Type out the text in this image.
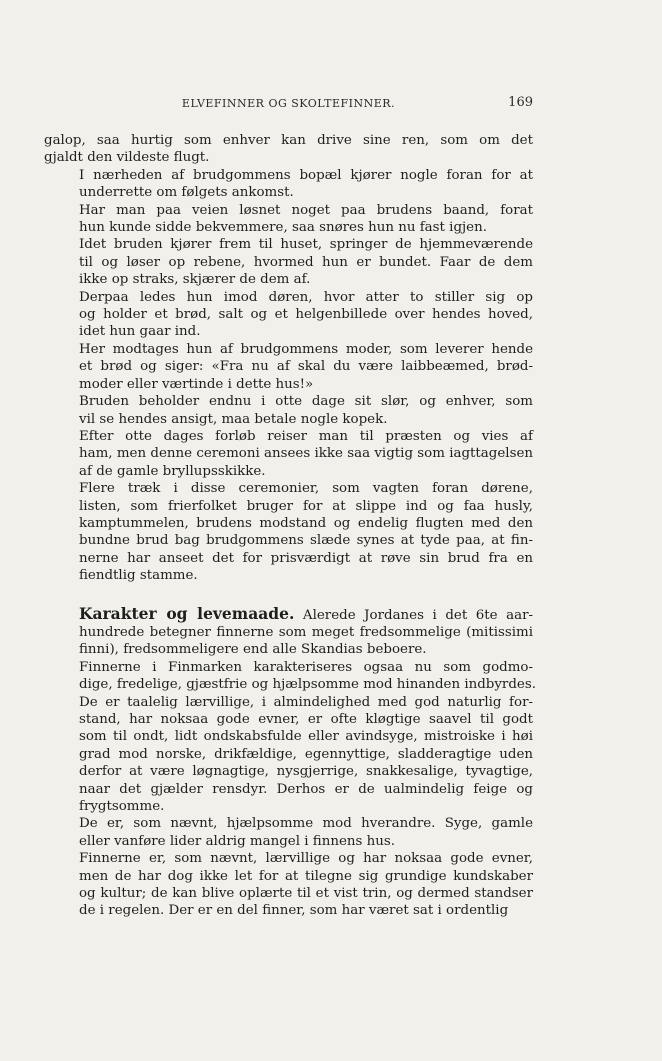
ELVEFINNER OG SKOLTEFINNER.	169

galop, saa hurtig som enhver kan drive sine ren, som om det
gjaldt den vildeste flugt.

I nærheden af brudgommens bopæl kjører nogle foran for at
underrette om følgets ankomst.

Har man paa veien løsnet noget paa brudens baand, forat
hun kunde sidde bekvemmere, saa snøres hun nu fast igjen.

Idet bruden kjører frem til huset, springer de hjemmeværende
til og løser op rebene, hvormed hun er bundet. Faar de dem
ikke op straks, skjærer de dem af.

Derpaa ledes hun imod døren, hvor atter to stiller sig op
og holder et brød, salt og et helgenbillede over hendes hoved,
idet hun gaar ind.

Her modtages hun af brudgommens moder, som leverer hende
et brød og siger: «Fra nu af skal du være laibbeæmed, brød-
moder eller værtinde i dette hus!»

Bruden beholder endnu i otte dage sit slør, og enhver, som
vil se hendes ansigt, maa betale nogle kopek.

Efter otte dages forløb reiser man til præsten og vies af
ham, men denne ceremoni ansees ikke saa vigtig som iagttagelsen
af de gamle bryllupsskikke.

Flere træk i disse ceremonier, som vagten foran dørene,
listen, som frierfolket bruger for at slippe ind og faa husly,
kamptummelen, brudens modstand og endelig flugten med den
bundne brud bag brudgommens slæde synes at tyde paa, at fin-
nerne har anseet det for prisværdigt at røve sin brud fra en
fiendtlig stamme.

Karakter og levemaade. Alerede Jordanes i det 6te aar-
hundrede betegner finnerne som meget fredsommelige (mitissimi
finni), fredsommeligere end alle Skandias beboere.

Finnerne i Finmarken karakteriseres ogsaa nu som godmo-
dige, fredelige, gjæstfrie og hjælpsomme mod hinanden indbyrdes.
De er taalelig lærvillige, i almindelighed med god naturlig for-
stand, har noksaa gode evner, er ofte kløgtige saavel til godt
som til ondt, lidt ondskabsfulde eller avindsyge, mistroiske i høi
grad mod norske, drikfældige, egennyttige, sladderagtige uden
derfor at være løgnagtige, nysgjerrige, snakkesalige, tyvagtige,
naar det gjælder rensdyr. Derhos er de ualmindelig feige og
frygtsomme.

De er, som nævnt, hjælpsomme mod hverandre. Syge, gamle
eller vanføre lider aldrig mangel i finnens hus.

Finnerne er, som nævnt, lærvillige og har noksaa gode evner,
men de har dog ikke let for at tilegne sig grundige kundskaber
og kultur; de kan blive oplærte til et vist trin, og dermed standser
de i regelen. Der er en del finner, som har været sat i ordentlig
